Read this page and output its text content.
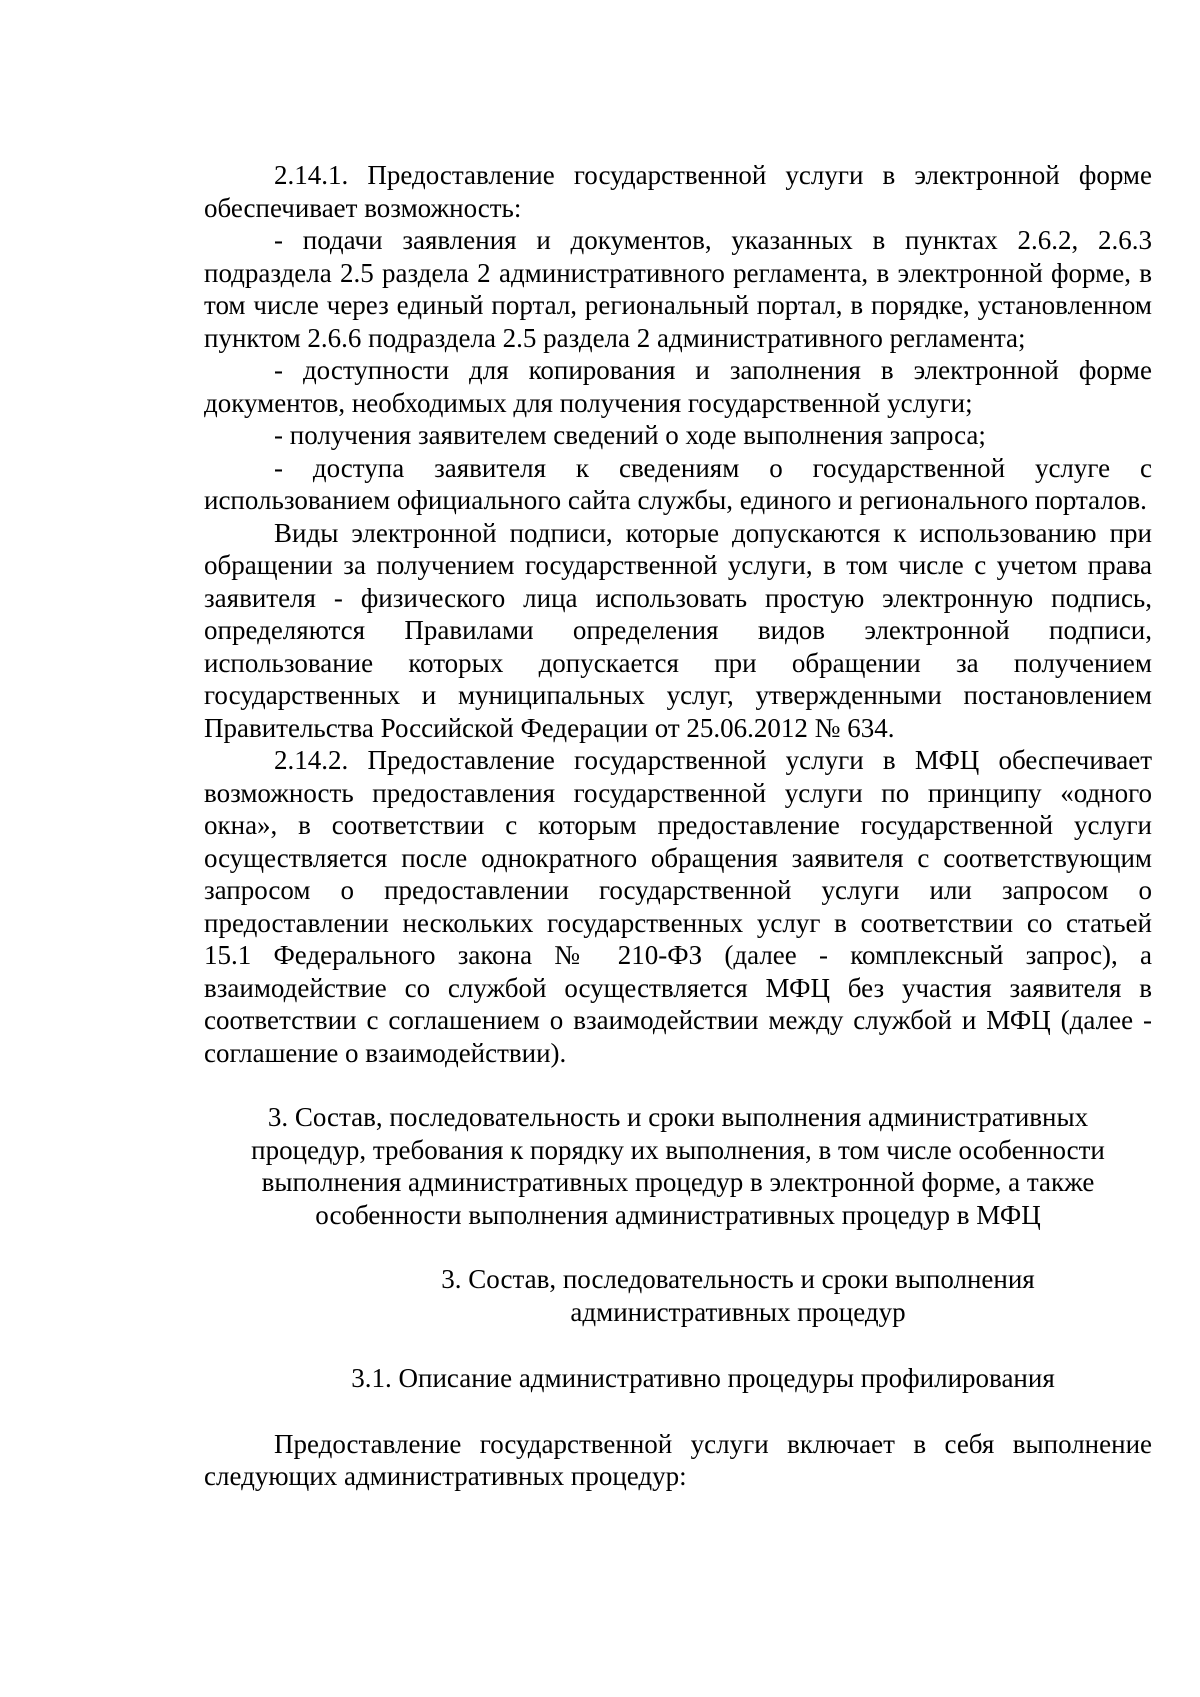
2.14.1. Предоставление государственной услуги в электронной форме обеспечивает возможность:

- подачи заявления и документов, указанных в пунктах 2.6.2, 2.6.3 подраздела 2.5 раздела 2 административного регламента, в электронной форме, в том числе через единый портал, региональный портал, в порядке, установленном пунктом 2.6.6 подраздела 2.5 раздела 2 административного регламента;

- доступности для копирования и заполнения в электронной форме документов, необходимых для получения государственной услуги;

- получения заявителем сведений о ходе выполнения запроса;

- доступа заявителя к сведениям о государственной услуге с использованием официального сайта службы, единого и регионального порталов.

Виды электронной подписи, которые допускаются к использованию при обращении за получением государственной услуги, в том числе с учетом права заявителя - физического лица использовать простую электронную подпись, определяются Правилами определения видов электронной подписи, использование которых допускается при обращении за получением государственных и муниципальных услуг, утвержденными постановлением Правительства Российской Федерации от 25.06.2012 № 634.

2.14.2. Предоставление государственной услуги в МФЦ обеспечивает возможность предоставления государственной услуги по принципу «одного окна», в соответствии с которым предоставление государственной услуги осуществляется после однократного обращения заявителя с соответствующим запросом о предоставлении государственной услуги или запросом о предоставлении нескольких государственных услуг в соответствии со статьей 15.1 Федерального закона № 210-ФЗ (далее - комплексный запрос), а взаимодействие со службой осуществляется МФЦ без участия заявителя в соответствии с соглашением о взаимодействии между службой и МФЦ (далее - соглашение о взаимодействии).

3. Состав, последовательность и сроки выполнения административных

процедур, требования к порядку их выполнения, в том числе особенности

выполнения административных процедур в электронной форме, а также

особенности выполнения административных процедур в МФЦ

3. Состав, последовательность и сроки выполнения

административных процедур

3.1. Описание административно процедуры профилирования

Предоставление государственной услуги включает в себя выполнение следующих административных процедур:
